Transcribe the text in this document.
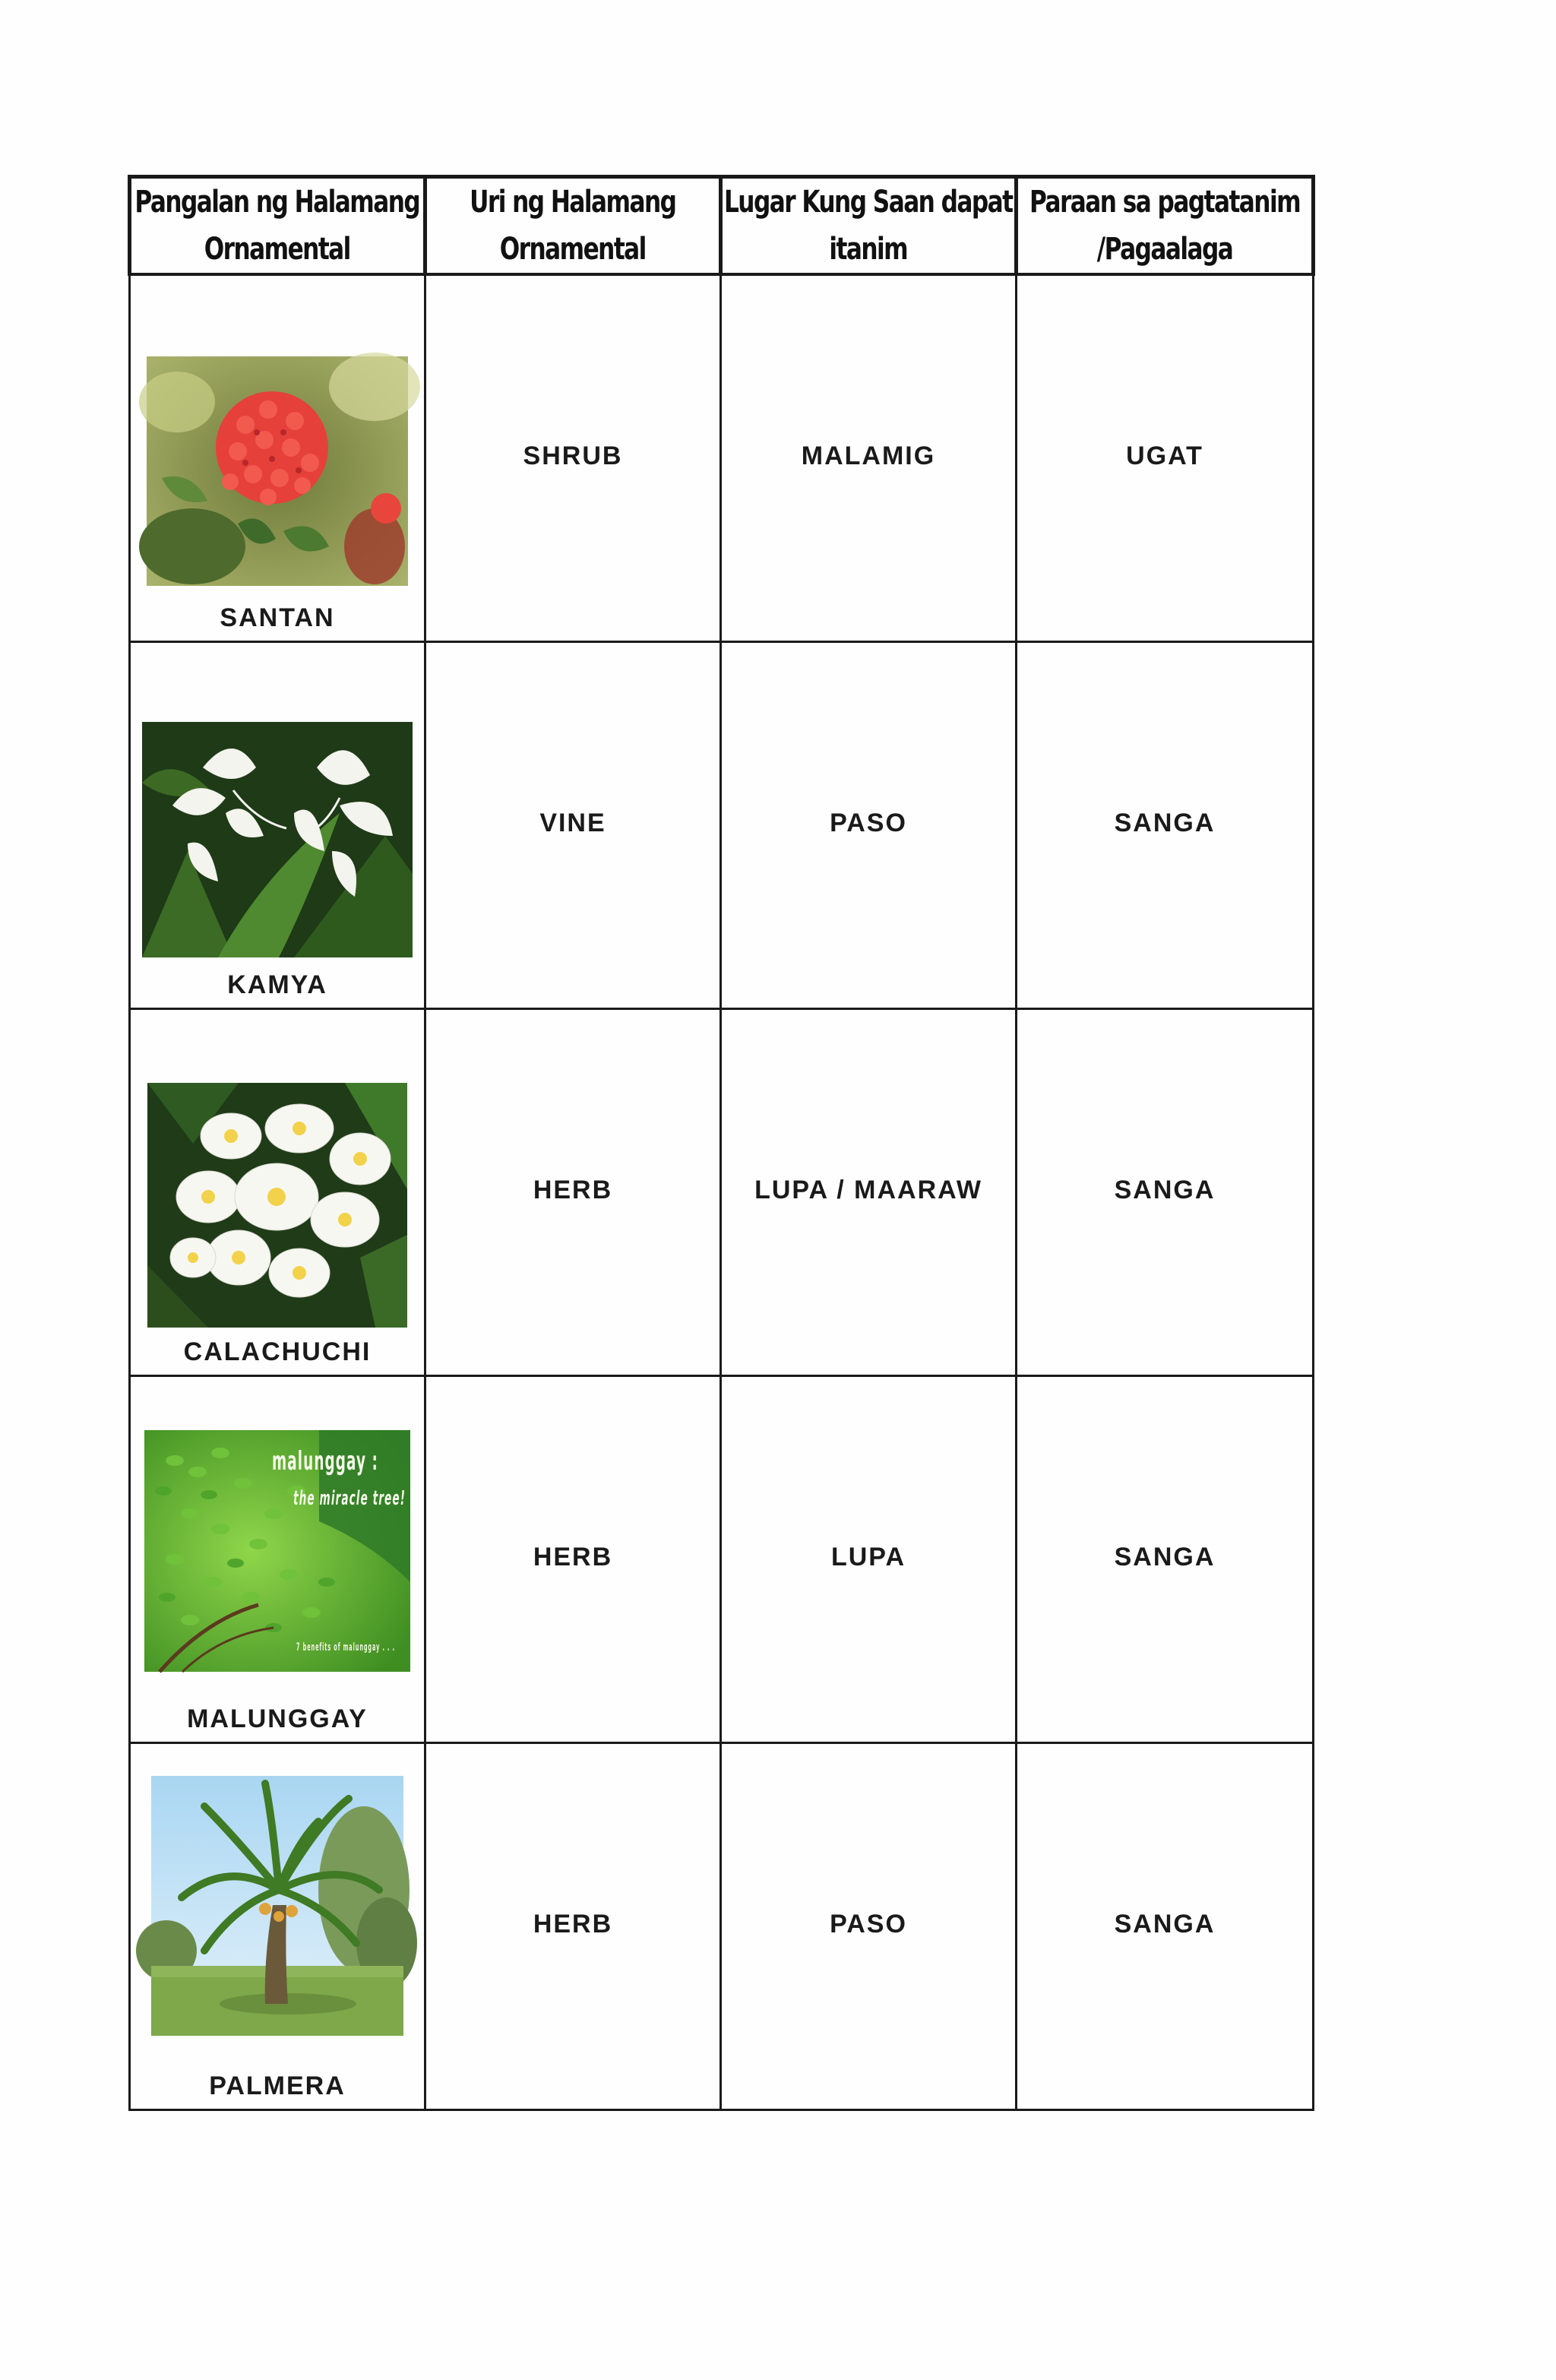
Pangalan ng Halamang Ornamental	Uri ng Halamang Ornamental	Lugar Kung Saan dapat itanim	Paraan sa pagtatanim /Pagaalaga

SANTAN	SHRUB	MALAMIG	UGAT

KAMYA	VINE	PASO	SANGA

CALACHUCHI	HERB	LUPA / MAARAW	SANGA

malunggay :
the miracle tree!
7 benefits of malunggay . . .
MALUNGGAY	HERB	LUPA	SANGA

PALMERA	HERB	PASO	SANGA
